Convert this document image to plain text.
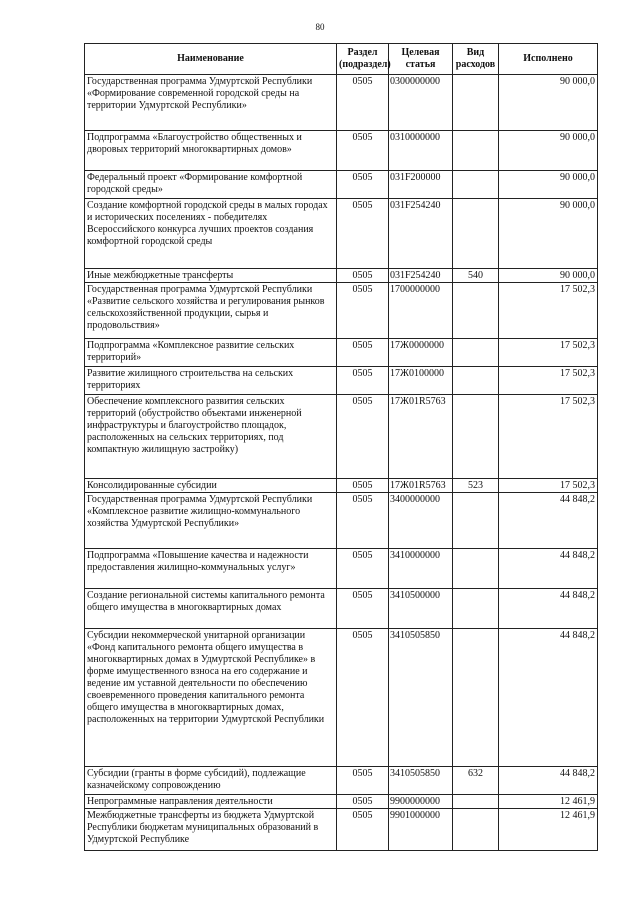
80
Наименование	Раздел (подраздел)	Целевая статья	Вид расходов	Исполнено
Государственная программа Удмуртской Республики «Формирование современной городской среды на территории Удмуртской Республики»	0505	0300000000		90 000,0
Подпрограмма «Благоустройство общественных и дворовых территорий многоквартирных домов»	0505	0310000000		90 000,0
Федеральный проект «Формирование комфортной городской среды»	0505	031F200000		90 000,0
Создание комфортной городской среды в малых городах и исторических поселениях - победителях Всероссийского конкурса лучших проектов создания комфортной городской среды	0505	031F254240		90 000,0
Иные межбюджетные трансферты	0505	031F254240	540	90 000,0
Государственная программа Удмуртской Республики «Развитие сельского хозяйства и регулирования рынков сельскохозяйственной продукции, сырья и продовольствия»	0505	1700000000		17 502,3
Подпрограмма «Комплексное развитие сельских территорий»	0505	17Ж0000000		17 502,3
Развитие жилищного строительства на сельских территориях	0505	17Ж0100000		17 502,3
Обеспечение комплексного развития сельских территорий (обустройство объектами инженерной инфраструктуры и благоустройство площадок, расположенных на сельских территориях, под компактную жилищную застройку)	0505	17Ж01R5763		17 502,3
Консолидированные субсидии	0505	17Ж01R5763	523	17 502,3
Государственная программа Удмуртской Республики «Комплексное развитие жилищно-коммунального хозяйства Удмуртской Республики»	0505	3400000000		44 848,2
Подпрограмма «Повышение качества и надежности предоставления жилищно-коммунальных услуг»	0505	3410000000		44 848,2
Создание региональной системы капитального ремонта общего имущества в многоквартирных домах	0505	3410500000		44 848,2
Субсидии некоммерческой унитарной организации «Фонд капитального ремонта общего имущества в многоквартирных домах в Удмуртской Республике» в форме имущественного взноса на его содержание и ведение им уставной деятельности по обеспечению своевременного проведения капитального ремонта общего имущества в многоквартирных домах, расположенных на территории Удмуртской Республики	0505	3410505850		44 848,2
Субсидии (гранты в форме субсидий), подлежащие казначейскому сопровождению	0505	3410505850	632	44 848,2
Непрограммные направления деятельности	0505	9900000000		12 461,9
Межбюджетные трансферты из бюджета Удмуртской Республики бюджетам муниципальных образований в Удмуртской Республике	0505	9901000000		12 461,9
